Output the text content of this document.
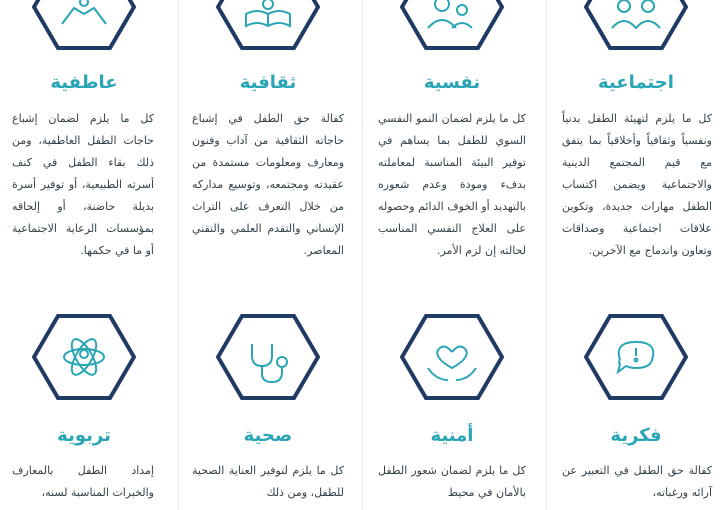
اجتماعية
كل ما يلزم لتهيئة الطفل بدنياً ونفسياً وثقافياً وأخلاقياً بما يتفق مع قيم المجتمع الدينية والاجتماعية ويضمن اكتساب الطفل مهارات جديدة، وتكوين علاقات اجتماعية وصداقات وتعاون واندماج مع الآخرين.
نفسية
كل ما يلزم لضمان النمو النفسي السوي للطفل بما يساهم في توفير البيئة المناسبة لمعاملته بدفء ومودة وعدم شعوره بالتهديد أو الخوف الدائم وحصوله على العلاج النفسي المناسب لحالته إن لزم الأمر.
ثقافية
كفالة حق الطفل في إشباع حاجاته الثقافية من آداب وفنون ومعارف ومعلومات مستمدة من عقيدته ومجتمعه، وتوسيع مداركه من خلال التعرف على التراث الإنساني والتقدم العلمي والتقني المعاصر.
عاطفية
كل ما يلزم لضمان إشباع حاجات الطفل العاطفية، ومن ذلك بقاء الطفل في كنف أسرته الطبيعية، أو توفير أسرة بديلة حاضنة، أو إلحاقه بمؤسسات الرعاية الاجتماعية أو ما في حكمها.
فكرية
كفالة حق الطفل في التعبير عن آرائه ورغباته،
أمنية
كل ما يلزم لضمان شعور الطفل بالأمان في محيط
صحية
كل ما يلزم لتوفير العناية الصحية للطفل، ومن ذلك
تربوية
إمداد الطفل بالمعارف والخبرات المناسبة لسنه،
